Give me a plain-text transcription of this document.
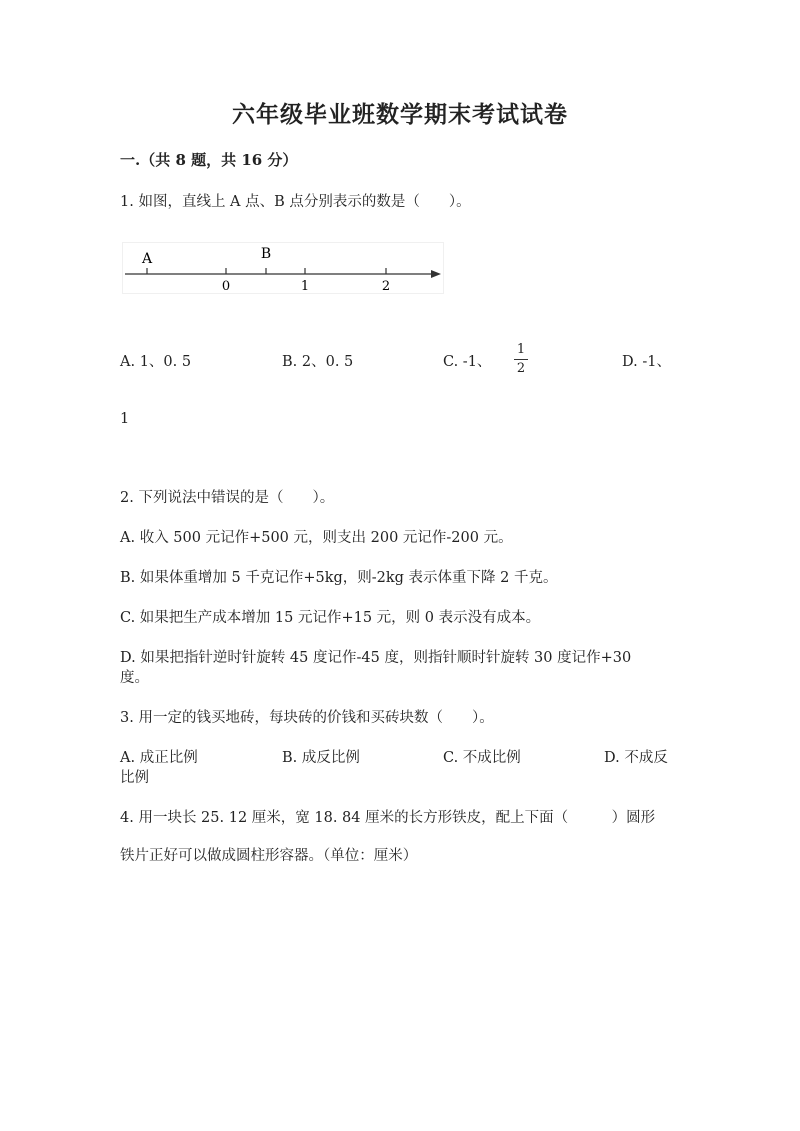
六年级毕业班数学期末考试试卷
一.（共 8 题，共 16 分）
1. 如图，直线上 A 点、B 点分别表示的数是（　　）。
A	B
0	1	2
A. 1、0. 5	B. 2、0. 5	C. -1、
1
2	D. -1、
1
2. 下列说法中错误的是（　　）。
A. 收入 500 元记作+500 元，则支出 200 元记作-200 元。
B. 如果体重增加 5 千克记作+5kg，则-2kg 表示体重下降 2 千克。
C. 如果把生产成本增加 15 元记作+15 元，则 0 表示没有成本。
D. 如果把指针逆时针旋转 45 度记作-45 度，则指针顺时针旋转 30 度记作+30
度。
3. 用一定的钱买地砖，每块砖的价钱和买砖块数（　　）。
A. 成正比例	B. 成反比例	C. 不成比例	D. 不成反
比例
4. 用一块长 25. 12 厘米，宽 18. 84 厘米的长方形铁皮，配上下面（　　　）圆形
铁片正好可以做成圆柱形容器。（单位：厘米）
